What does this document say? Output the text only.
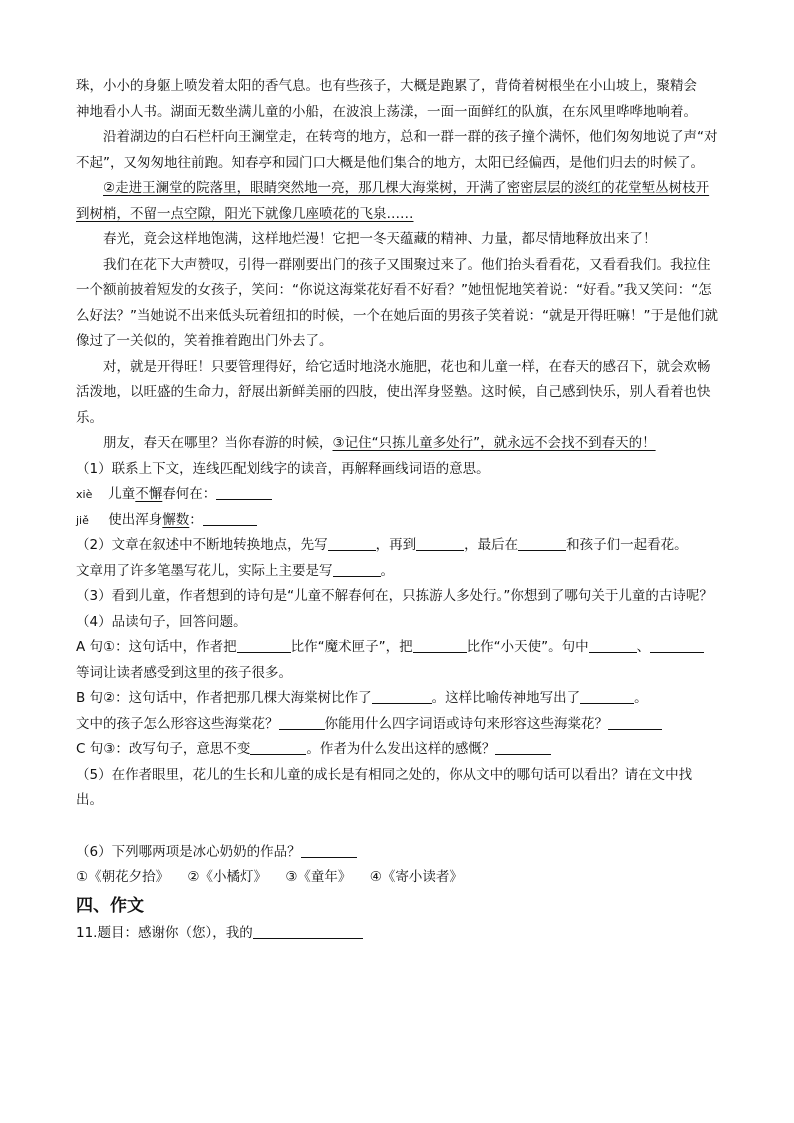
珠，小小的身躯上喷发着太阳的香气息。也有些孩子，大概是跑累了，背倚着树根坐在小山坡上，聚精会
神地看小人书。湖面无数坐满儿童的小船，在波浪上荡漾，一面一面鲜红的队旗，在东风里哗哗地响着。

沿着湖边的白石栏杆向王澜堂走，在转弯的地方，总和一群一群的孩子撞个满怀，他们匆匆地说了声“对不起”，又匆匆地往前跑。知春亭和园门口大概是他们集合的地方，太阳已经偏西，是他们归去的时候了。

②走进王澜堂的院落里，眼睛突然地一亮，那几棵大海棠树，开满了密密层层的淡红的花堂堑丛树枝开到树梢，不留一点空隙，阳光下就像几座喷花的飞泉……

春光，竟会这样地饱满，这样地烂漫！它把一冬天蕴藏的精神、力量，都尽情地释放出来了！

我们在花下大声赞叹，引得一群刚要出门的孩子又围聚过来了。他们抬头看看花，又看看我们。我拉住一个额前披着短发的女孩子，笑问：“你说这海棠花好看不好看？”她忸怩地笑着说：“好看。”我又笑问：“怎么好法？”当她说不出来低头玩着纽扣的时候，一个在她后面的男孩子笑着说：“就是开得旺嘛！”于是他们就像过了一关似的，笑着推着跑出门外去了。

对，就是开得旺！只要管理得好，给它适时地浇水施肥，花也和儿童一样，在春天的感召下，就会欢畅活泼地，以旺盛的生命力，舒展出新鲜美丽的四肢，使出浑身竖塾。这时候，自己感到快乐，别人看着也快乐。

朋友，春天在哪里？当你春游的时候，③记住“只拣儿童多处行”，就永远不会找不到春天的！

（1）联系上下文，连线匹配划线字的读音，再解释画线词语的意思。

xiè 儿童不懈春何在：

jiě 使出浑身懈数：

（2）文章在叙述中不断地转换地点，先写	，再到	，最后在	和孩子们一起看花。
文章用了许多笔墨写花儿，实际上主要是写	。

（3）看到儿童，作者想到的诗句是“儿童不解春何在，只拣游人多处行。”你想到了哪句关于儿童的古诗呢？

（4）品读句子，回答问题。

A 句①：这句话中，作者把	比作“魔术匣子”，把	比作“小天使”。句中	、
等词让读者感受到这里的孩子很多。

B 句②：这句话中，作者把那几棵大海棠树比作了	。这样比喻传神地写出了	。
文中的孩子怎么形容这些海棠花？	你能用什么四字词语或诗句来形容这些海棠花？

C 句③：改写句子，意思不变	。作者为什么发出这样的感慨？

（5）在作者眼里，花儿的生长和儿童的成长是有相同之处的，你从文中的哪句话可以看出？请在文中找出。

（6）下列哪两项是冰心奶奶的作品？

①《朝花夕拾》 ②《小橘灯》 ③《童年》 ④《寄小读者》

四、作文

11.题目：感谢你（您），我的
